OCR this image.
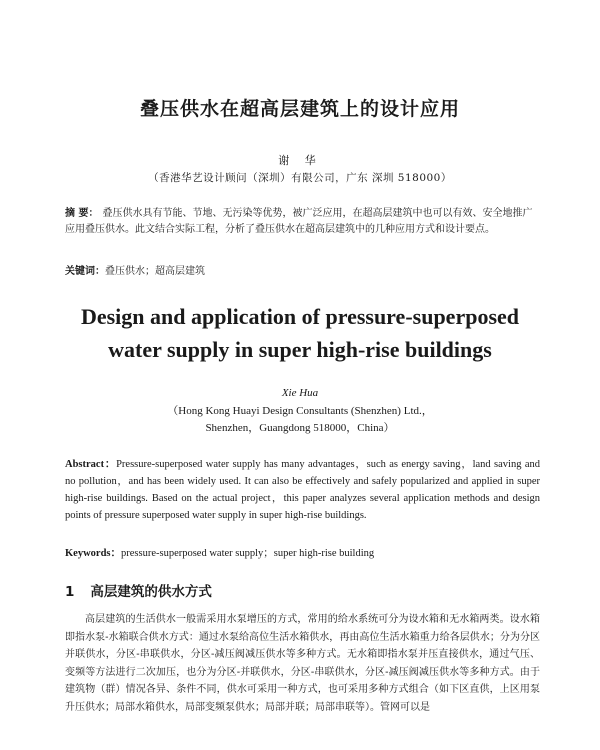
叠压供水在超高层建筑上的设计应用
谢 华
（香港华艺设计顾问（深圳）有限公司，广东 深圳 518000）
摘 要： 叠压供水具有节能、节地、无污染等优势，被广泛应用，在超高层建筑中也可以有效、安全地推广应用叠压供水。此文结合实际工程，分析了叠压供水在超高层建筑中的几种应用方式和设计要点。
关键词：叠压供水；超高层建筑
Design and application of pressure-superposed
water supply in super high-rise buildings
Xie Hua
（Hong Kong Huayi Design Consultants (Shenzhen) Ltd.，
Shenzhen，Guangdong 518000，China）
Abstract：Pressure-superposed water supply has many advantages，such as energy saving，land saving and no pollution，and has been widely used. It can also be effectively and safely popularized and applied in super high-rise buildings. Based on the actual project，this paper analyzes several application methods and design points of pressure superposed water supply in super high-rise buildings.
Keywords：pressure-superposed water supply；super high-rise building
1 高层建筑的供水方式

高层建筑的生活供水一般需采用水泵增压的方式，常用的给水系统可分为设水箱和无水箱两类。设水箱即指水泵-水箱联合供水方式：通过水泵给高位生活水箱供水，再由高位生活水箱重力给各层供水；分为分区并联供水，分区-串联供水，分区-减压阀减压供水等多种方式。无水箱即指水泵并压直接供水，通过气压、变频等方法进行二次加压，也分为分区-并联供水，分区-串联供水，分区-减压阀减压供水等多种方式。由于建筑物（群）情况各异、条件不同，供水可采用一种方式，也可采用多种方式组合（如下区直供，上区用泵升压供水；局部水箱供水，局部变频泵供水；局部并联；局部串联等）。管网可以是
